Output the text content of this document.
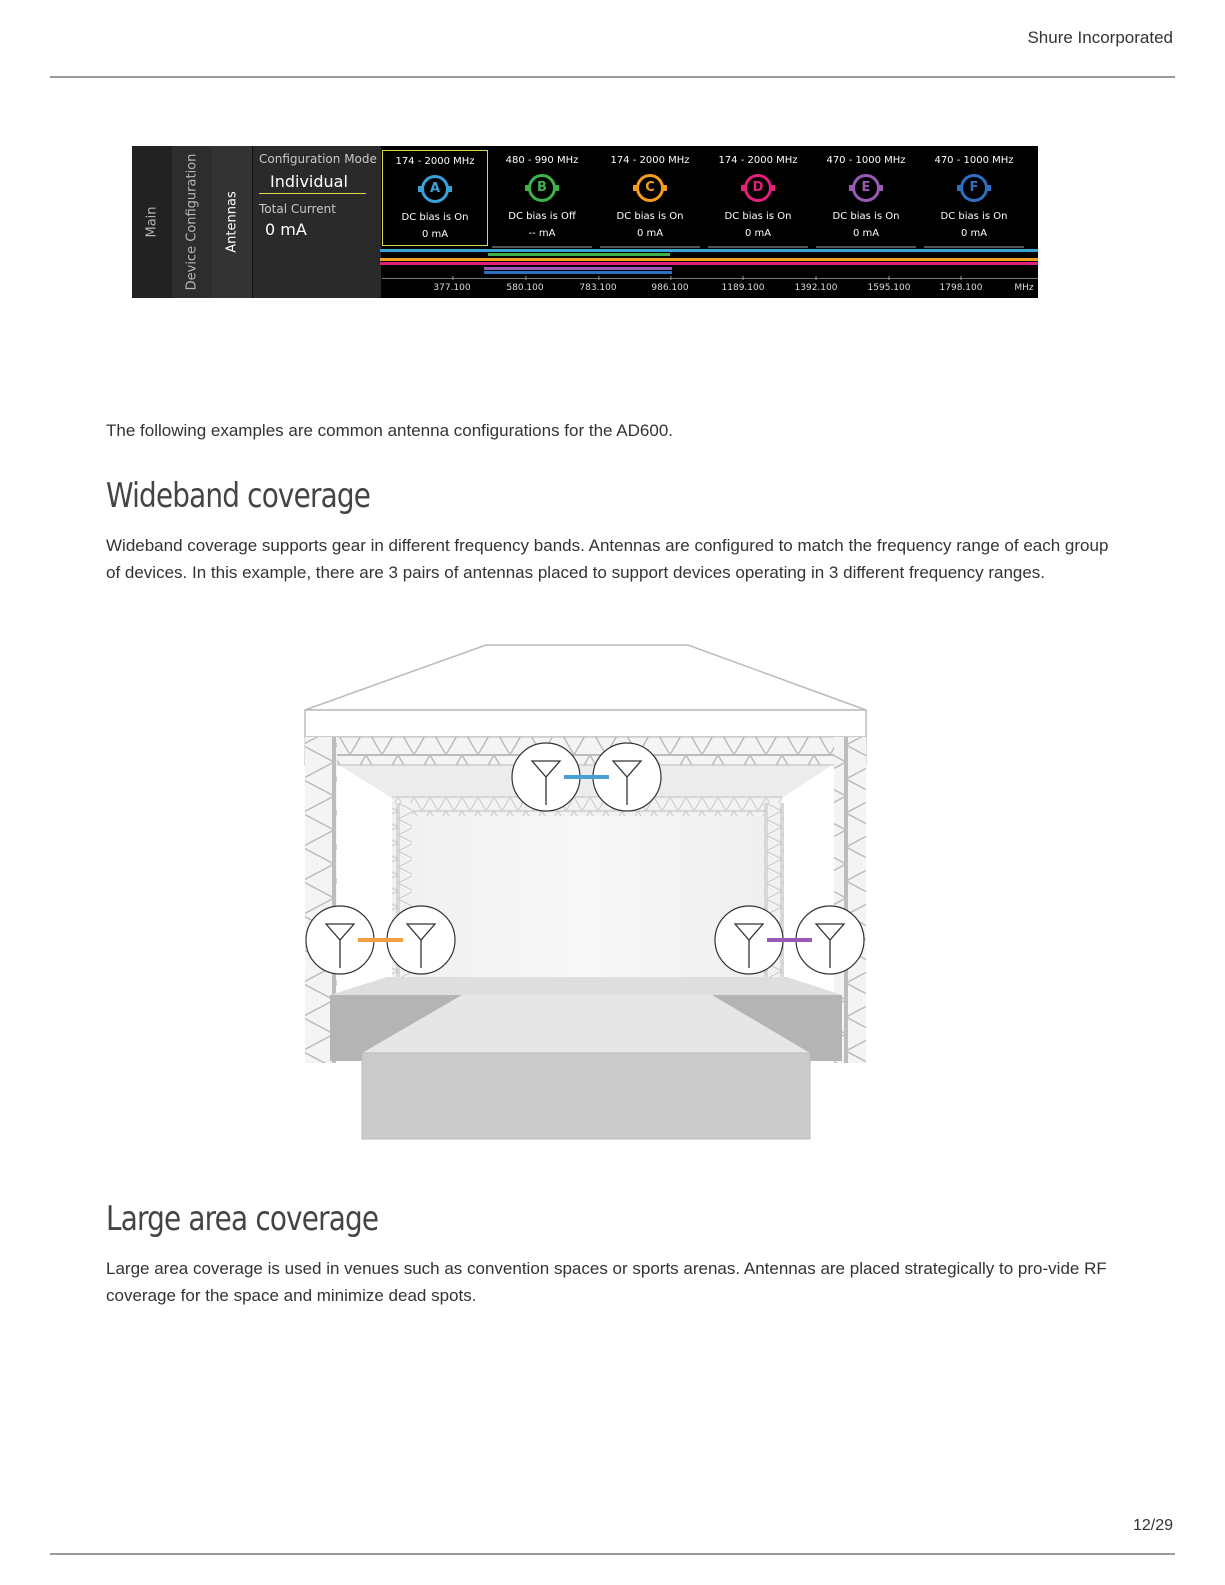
Shure Incorporated
Main Device Configuration Antennas
Configuration Mode
Individual
Total Current
0 mA
174 - 2000 MHz
A
DC bias is On
0 mA
480 - 990 MHz
B
DC bias is Off
-- mA
174 - 2000 MHz
C
DC bias is On
0 mA
174 - 2000 MHz
D
DC bias is On
0 mA
470 - 1000 MHz
E
DC bias is On
0 mA
470 - 1000 MHz
F
DC bias is On
0 mA
377.100	580.100	783.100	986.100	1189.100	1392.100	1595.100	1798.100	MHz
The following examples are common antenna configurations for the AD600.
Wideband coverage
Wideband coverage supports gear in different frequency bands. Antennas are configured to match the frequency range of each group of devices. In this example, there are 3 pairs of antennas placed to support devices operating in 3 different frequency ranges.
Large area coverage
Large area coverage is used in venues such as convention spaces or sports arenas. Antennas are placed strategically to pro-vide RF coverage for the space and minimize dead spots.
12/29
